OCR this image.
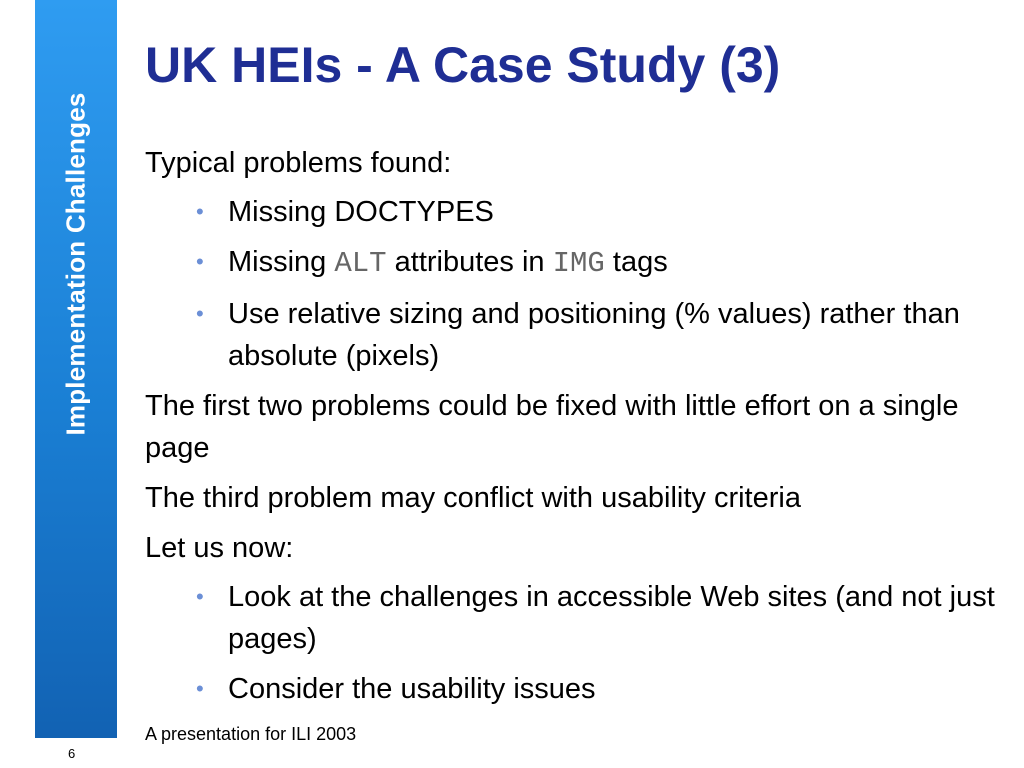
Implementation Challenges
6
UK HEIs - A Case Study (3)

Typical problems found:

• Missing DOCTYPES
• Missing ALT attributes in IMG tags
• Use relative sizing and positioning (% values) rather than absolute (pixels)

The first two problems could be fixed with little effort on a single page

The third problem may conflict with usability criteria

Let us now:

• Look at the challenges in accessible Web sites (and not just pages)
• Consider the usability issues
A presentation for ILI 2003
